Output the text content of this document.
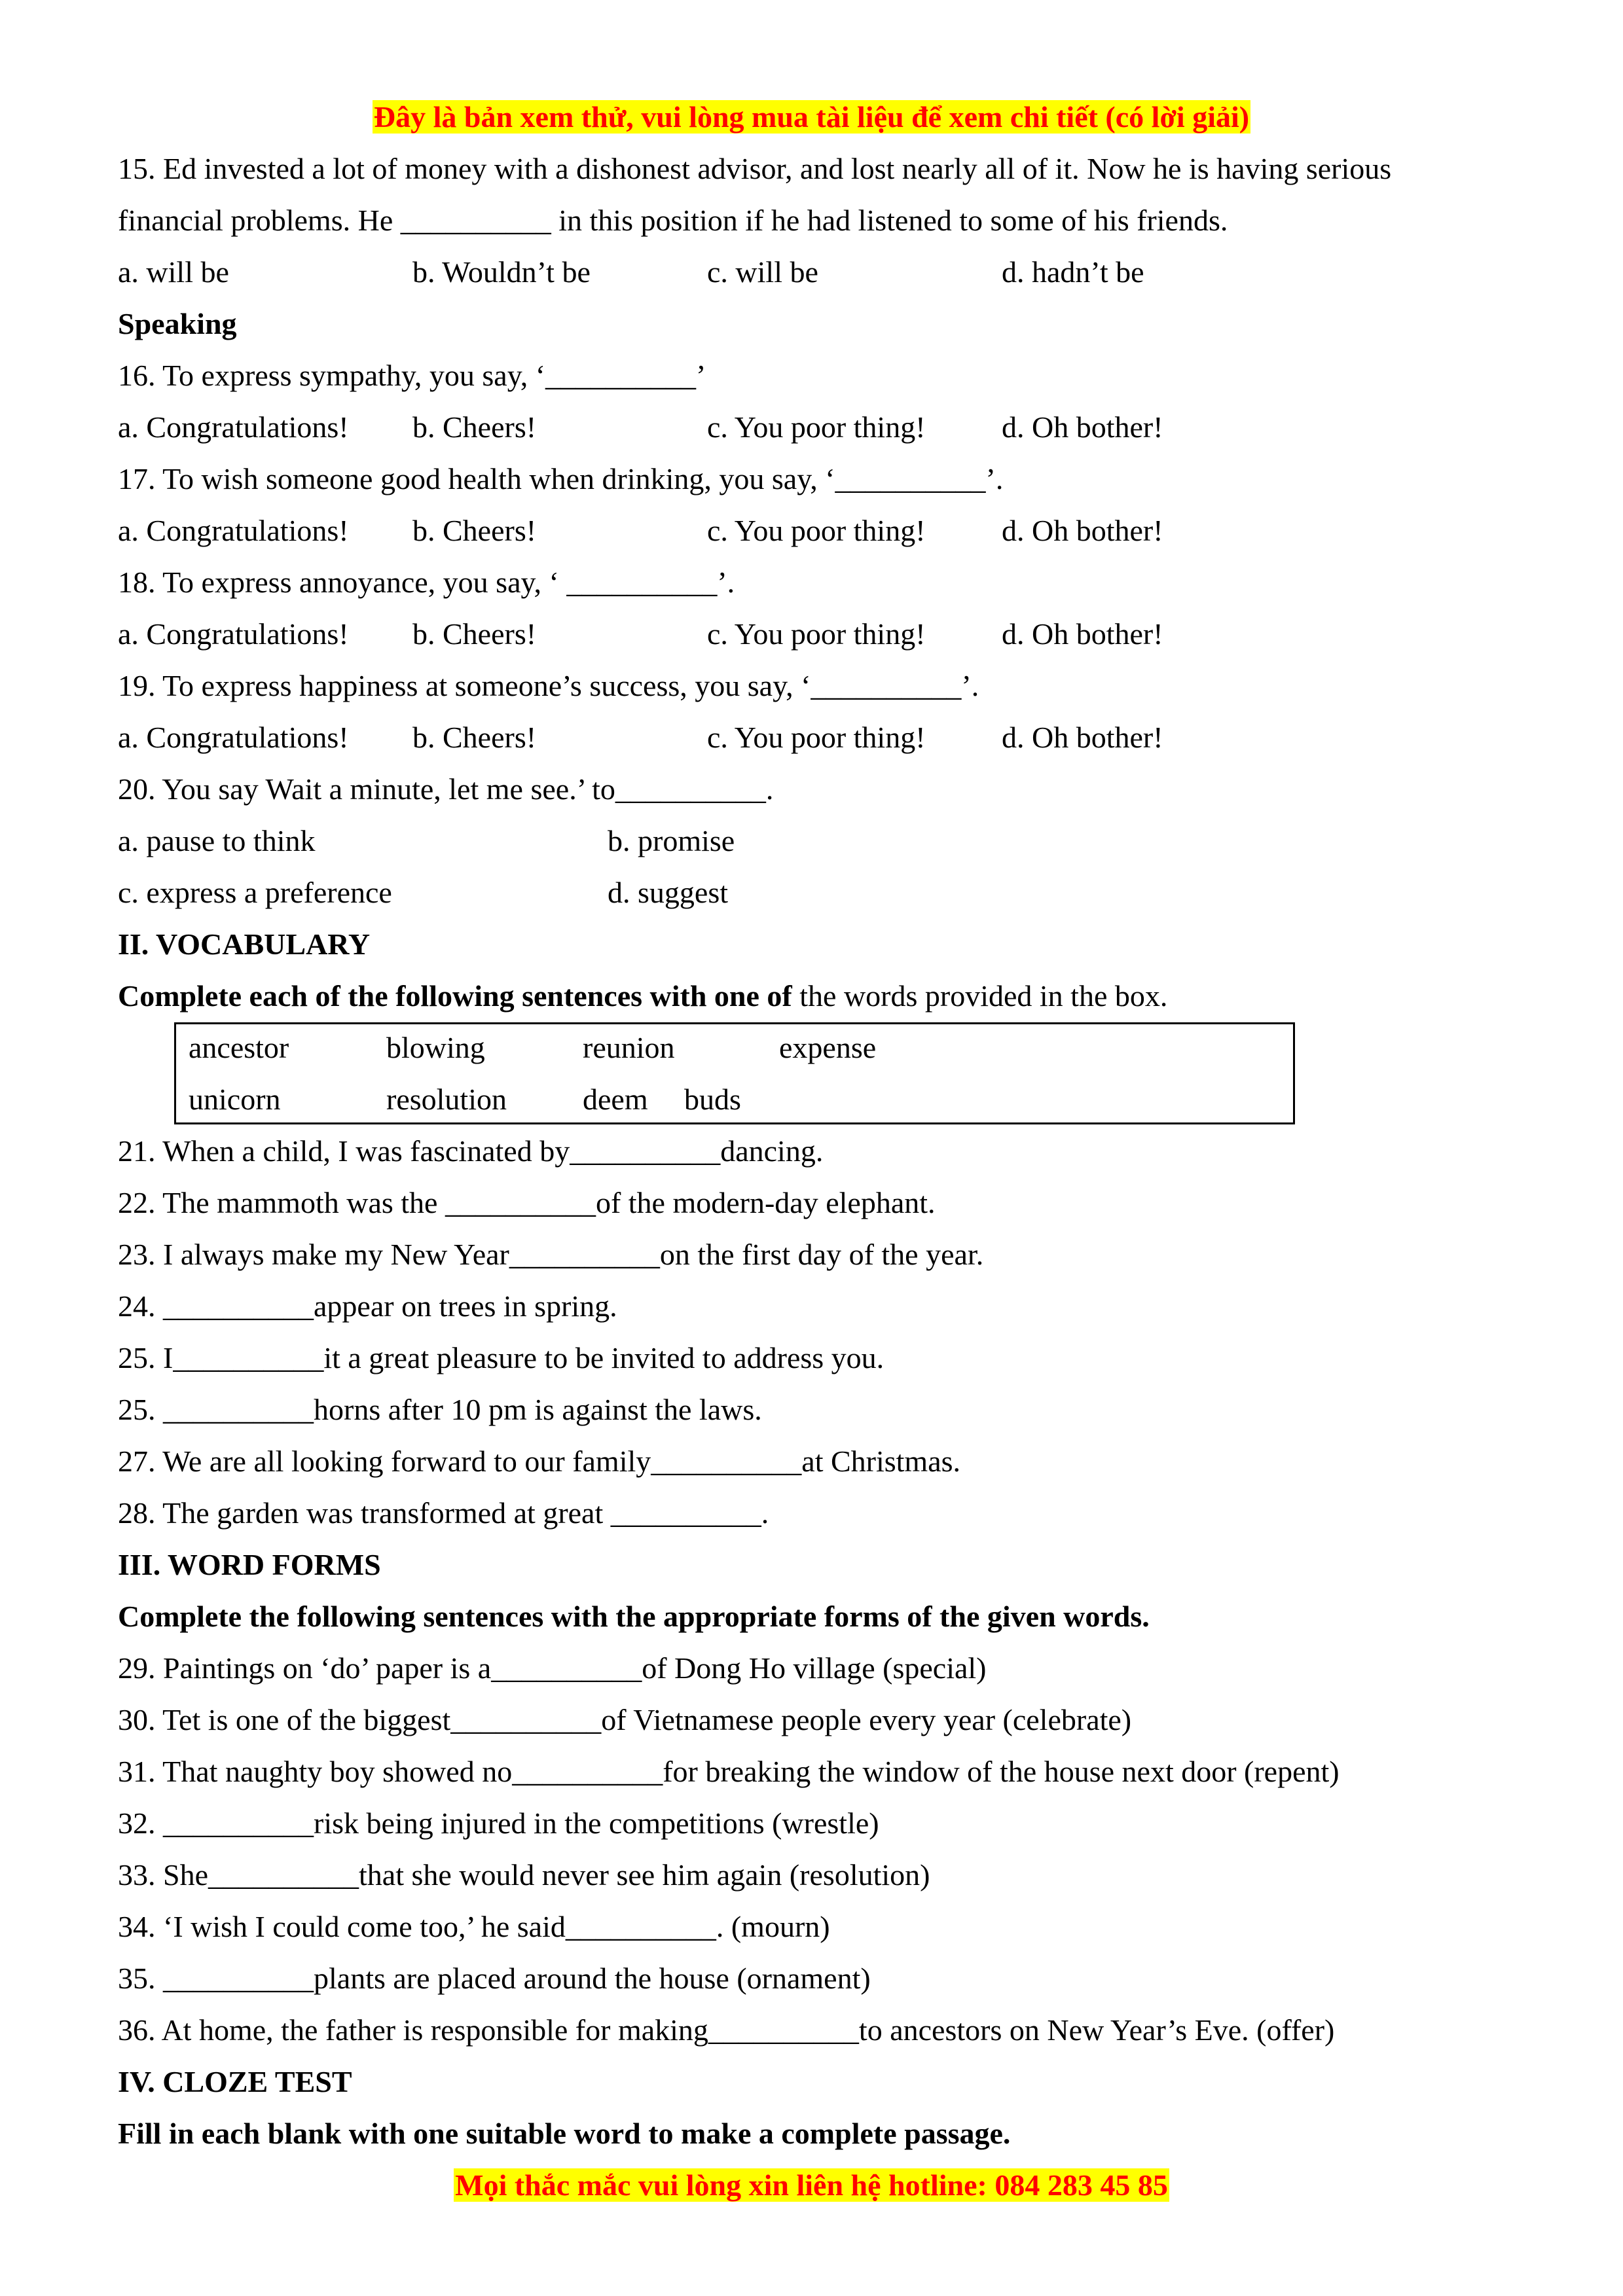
Đây là bản xem thử, vui lòng mua tài liệu để xem chi tiết (có lời giải)
15. Ed invested a lot of money with a dishonest advisor, and lost nearly all of it. Now he is having serious
financial problems. He __________ in this position if he had listened to some of his friends.

a. will be

	b. Wouldn’t be

	c. will be

	d. hadn’t be

Speaking
16. To express sympathy, you say, ‘__________’

a. Congratulations!

b. Cheers!

	c. You poor thing!

	d. Oh bother!

17. To wish someone good health when drinking, you say, ‘__________’.

a. Congratulations!

b. Cheers!

	c. You poor thing!

	d. Oh bother!

18. To express annoyance, you say, ‘ __________’.

a. Congratulations!

b. Cheers!

	c. You poor thing!

	d. Oh bother!

19. To express happiness at someone’s success, you say, ‘__________’.

a. Congratulations!

b. Cheers!

	c. You poor thing!

	d. Oh bother!

20. You say Wait a minute, let me see.’ to__________.

a. pause to think

	b. promise

c. express a preference

	d. suggest

II. VOCABULARY
Complete each of the following sentences with one of the words provided in the box.
ancestor	blowing	reunion	expense
unicorn	resolution	deem buds
21. When a child, I was fascinated by__________dancing.
22. The mammoth was the __________of the modern-day elephant.
23. I always make my New Year__________on the first day of the year.
24. __________appear on trees in spring.
25. I__________it a great pleasure to be invited to address you.
25. __________horns after 10 pm is against the laws.
27. We are all looking forward to our family__________at Christmas.
28. The garden was transformed at great __________.
III. WORD FORMS
Complete the following sentences with the appropriate forms of the given words.
29. Paintings on ‘do’ paper is a__________of Dong Ho village (special)
30. Tet is one of the biggest__________of Vietnamese people every year (celebrate)
31. That naughty boy showed no__________for breaking the window of the house next door (repent)
32. __________risk being injured in the competitions (wrestle)
33. She__________that she would never see him again (resolution)
34. ‘I wish I could come too,’ he said__________. (mourn)
35. __________plants are placed around the house (ornament)
36. At home, the father is responsible for making__________to ancestors on New Year’s Eve. (offer)
IV. CLOZE TEST
Fill in each blank with one suitable word to make a complete passage.
Mọi thắc mắc vui lòng xin liên hệ hotline: 084 283 45 85
